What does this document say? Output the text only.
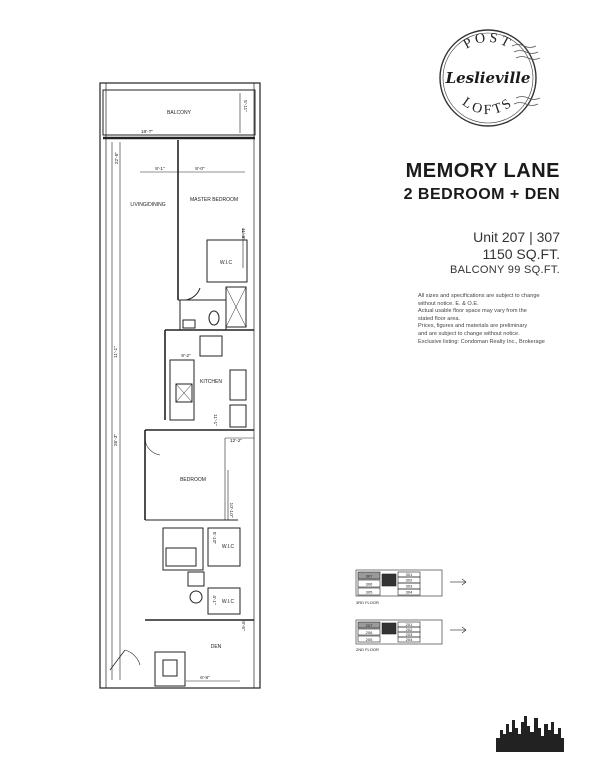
BALCONY
LIVING/DINING
MASTER BEDROOM
W.I.C
KITCHEN
BEDROOM
W.I.C
W.I.C
DEN
18'-7"
5'-11"
8'-1"	8'-0"
22'-5"
11'-8"
11'-1"	9'-2"
11'-1"
26'-3"	12'-2"
10'-10"
5'-10"
4'-1"
8'-5"
6'-8"
POST
Leslieville
LOFTS
MEMORY LANE
2 BEDROOM + DEN
Unit 207 | 307
1150 SQ.FT.
BALCONY 99 SQ.FT.
All sizes and specifications are subject to change
without notice. E. & O.E.
Actual usable floor space may vary from the
stated floor area.
Prices, figures and materials are preliminary
and are subject to change without notice.
Exclusive listing: Condoman Realty Inc., Brokerage
307
306
305
301
302
303
304
3RD FLOOR
207
206
205
201
202
203
204
2ND FLOOR
CONDOMAN
DEVELOPMENTS
